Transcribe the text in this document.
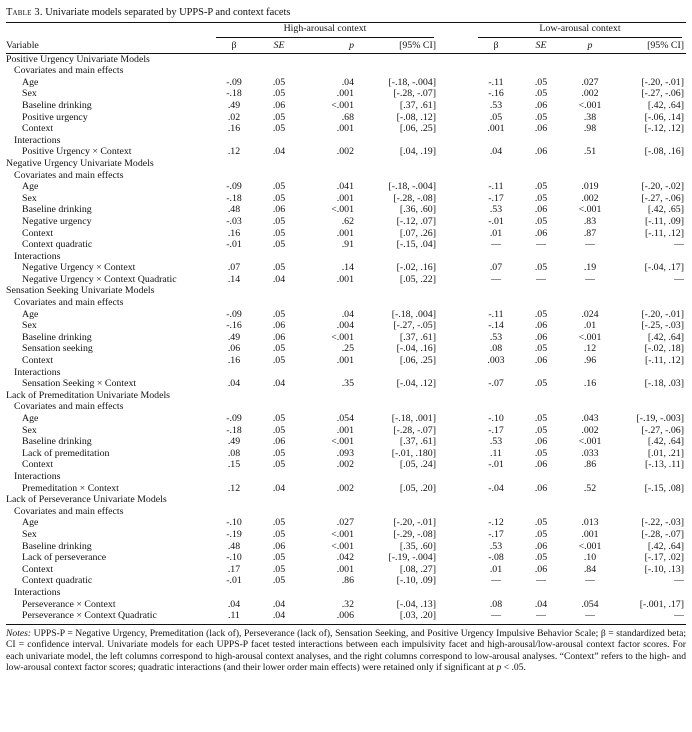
Table 3. Univariate models separated by UPPS-P and context facets

	High-arousal context					Low-arousal context			

Variable	β	SE	p	[95% CI]		β	SE	p	[95% CI]
Positive Urgency Univariate Models									
Covariates and main effects									
Age	-.09	.05	.04	[-.18, -.004]		-.11	.05	.027	[-.20, -.01]
Sex	-.18	.05	.001	[-.28, -.07]		-.16	.05	.002	[-.27, -.06]
Baseline drinking	.49	.06	<.001	[.37, .61]		.53	.06	<.001	[.42, .64]
Positive urgency	.02	.05	.68	[-.08, .12]		.05	.05	.38	[-.06, .14]
Context	.16	.05	.001	[.06, .25]		.001	.06	.98	[-.12, .12]
Interactions									
Positive Urgency × Context	.12	.04	.002	[.04, .19]		.04	.06	.51	[-.08, .16]
Negative Urgency Univariate Models									
Covariates and main effects									
Age	-.09	.05	.041	[-.18, -.004]		-.11	.05	.019	[-.20, -.02]
Sex	-.18	.05	.001	[-.28, -.08]		-.17	.05	.002	[-.27, -.06]
Baseline drinking	.48	.06	<.001	[.36, .60]		.53	.06	<.001	[.42, .65]
Negative urgency	-.03	.05	.62	[-.12, .07]		-.01	.05	.83	[-.11, .09]
Context	.16	.05	.001	[.07, .26]		.01	.06	.87	[-.11, .12]
Context quadratic	-.01	.05	.91	[-.15, .04]		—	—	—	—
Interactions									
Negative Urgency × Context	.07	.05	.14	[-.02, .16]		.07	.05	.19	[-.04, .17]
Negative Urgency × Context Quadratic	.14	.04	.001	[.05, .22]		—	—	—	—
Sensation Seeking Univariate Models									
Covariates and main effects									
Age	-.09	.05	.04	[-.18, .004]		-.11	.05	.024	[-.20, -.01]
Sex	-.16	.06	.004	[-.27, -.05]		-.14	.06	.01	[-.25, -.03]
Baseline drinking	.49	.06	<.001	[.37, .61]		.53	.06	<.001	[.42, .64]
Sensation seeking	.06	.05	.25	[-.04, .16]		.08	.05	.12	[-.02, .18]
Context	.16	.05	.001	[.06, .25]		.003	.06	.96	[-.11, .12]
Interactions									
Sensation Seeking × Context	.04	.04	.35	[-.04, .12]		-.07	.05	.16	[-.18, .03]
Lack of Premeditation Univariate Models									
Covariates and main effects									
Age	-.09	.05	.054	[-.18, .001]		-.10	.05	.043	[-.19, -.003]
Sex	-.18	.05	.001	[-.28, -.07]		-.17	.05	.002	[-.27, -.06]
Baseline drinking	.49	.06	<.001	[.37, .61]		.53	.06	<.001	[.42, .64]
Lack of premeditation	.08	.05	.093	[-.01, .180]		.11	.05	.033	[.01, .21]
Context	.15	.05	.002	[.05, .24]		-.01	.06	.86	[-.13, .11]
Interactions									
Premeditation × Context	.12	.04	.002	[.05, .20]		-.04	.06	.52	[-.15, .08]
Lack of Perseverance Univariate Models									
Covariates and main effects									
Age	-.10	.05	.027	[-.20, -.01]		-.12	.05	.013	[-.22, -.03]
Sex	-.19	.05	<.001	[-.29, -.08]		-.17	.05	.001	[-.28, -.07]
Baseline drinking	.48	.06	<.001	[.35, .60]		.53	.06	<.001	[.42, .64]
Lack of perseverance	-.10	.05	.042	[-.19, -.004]		-.08	.05	.10	[-.17, .02]
Context	.17	.05	.001	[.08, .27]		.01	.06	.84	[-.10, .13]
Context quadratic	-.01	.05	.86	[-.10, .09]		—	—	—	—
Interactions									
Perseverance × Context	.04	.04	.32	[-.04, .13]		.08	.04	.054	[-.001, .17]
Perseverance × Context Quadratic	.11	.04	.006	[.03, .20]		—	—	—	—
Notes: UPPS-P = Negative Urgency, Premeditation (lack of), Perseverance (lack of), Sensation Seeking, and Positive Urgency Impulsive Behavior Scale; β = standardized beta; CI = confidence interval. Univariate models for each UPPS-P facet tested interactions between each impulsivity facet and high-arousal/low-arousal context factor scores. For each univariate model, the left columns correspond to high-arousal context analyses, and the right columns correspond to low-arousal analyses. “Context” refers to the high- and low-arousal context factor scores; quadratic interactions (and their lower order main effects) were retained only if significant at p < .05.
